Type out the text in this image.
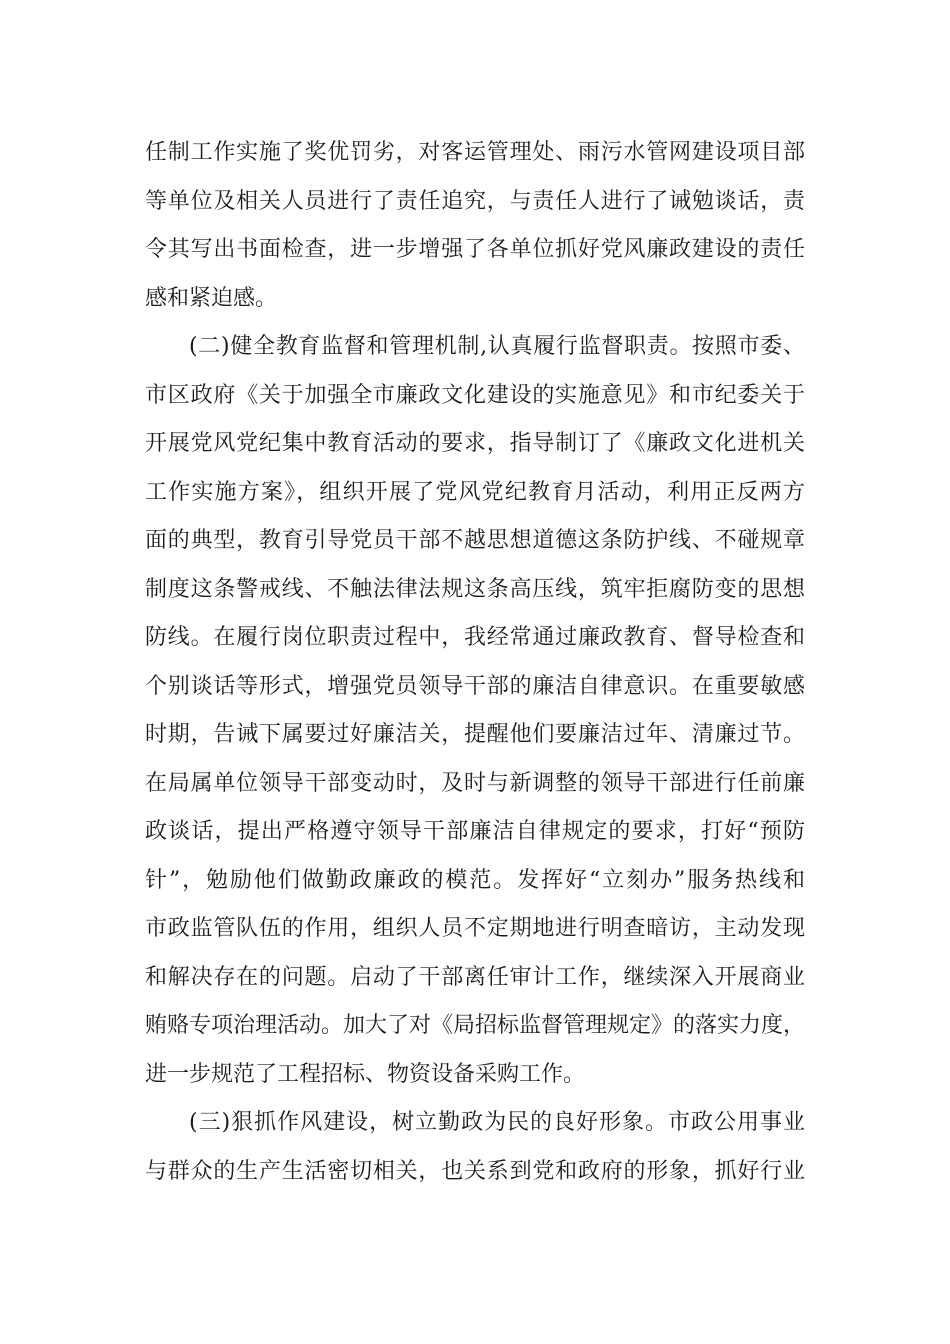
任制工作实施了奖优罚劣，对客运管理处、雨污水管网建设项目部
等单位及相关人员进行了责任追究，与责任人进行了诫勉谈话，责
令其写出书面检查，进一步增强了各单位抓好党风廉政建设的责任
感和紧迫感。
(二)健全教育监督和管理机制,认真履行监督职责。按照市委、
市区政府《关于加强全市廉政文化建设的实施意见》和市纪委关于
开展党风党纪集中教育活动的要求，指导制订了《廉政文化进机关
工作实施方案》，组织开展了党风党纪教育月活动，利用正反两方
面的典型，教育引导党员干部不越思想道德这条防护线、不碰规章
制度这条警戒线、不触法律法规这条高压线，筑牢拒腐防变的思想
防线。在履行岗位职责过程中，我经常通过廉政教育、督导检查和
个别谈话等形式，增强党员领导干部的廉洁自律意识。在重要敏感
时期，告诫下属要过好廉洁关，提醒他们要廉洁过年、清廉过节。
在局属单位领导干部变动时，及时与新调整的领导干部进行任前廉
政谈话，提出严格遵守领导干部廉洁自律规定的要求，打好“预防
针”，勉励他们做勤政廉政的模范。发挥好“立刻办”服务热线和
市政监管队伍的作用，组织人员不定期地进行明查暗访，主动发现
和解决存在的问题。启动了干部离任审计工作，继续深入开展商业
贿赂专项治理活动。加大了对《局招标监督管理规定》的落实力度，
进一步规范了工程招标、物资设备采购工作。
(三)狠抓作风建设，树立勤政为民的良好形象。市政公用事业
与群众的生产生活密切相关，也关系到党和政府的形象，抓好行业
